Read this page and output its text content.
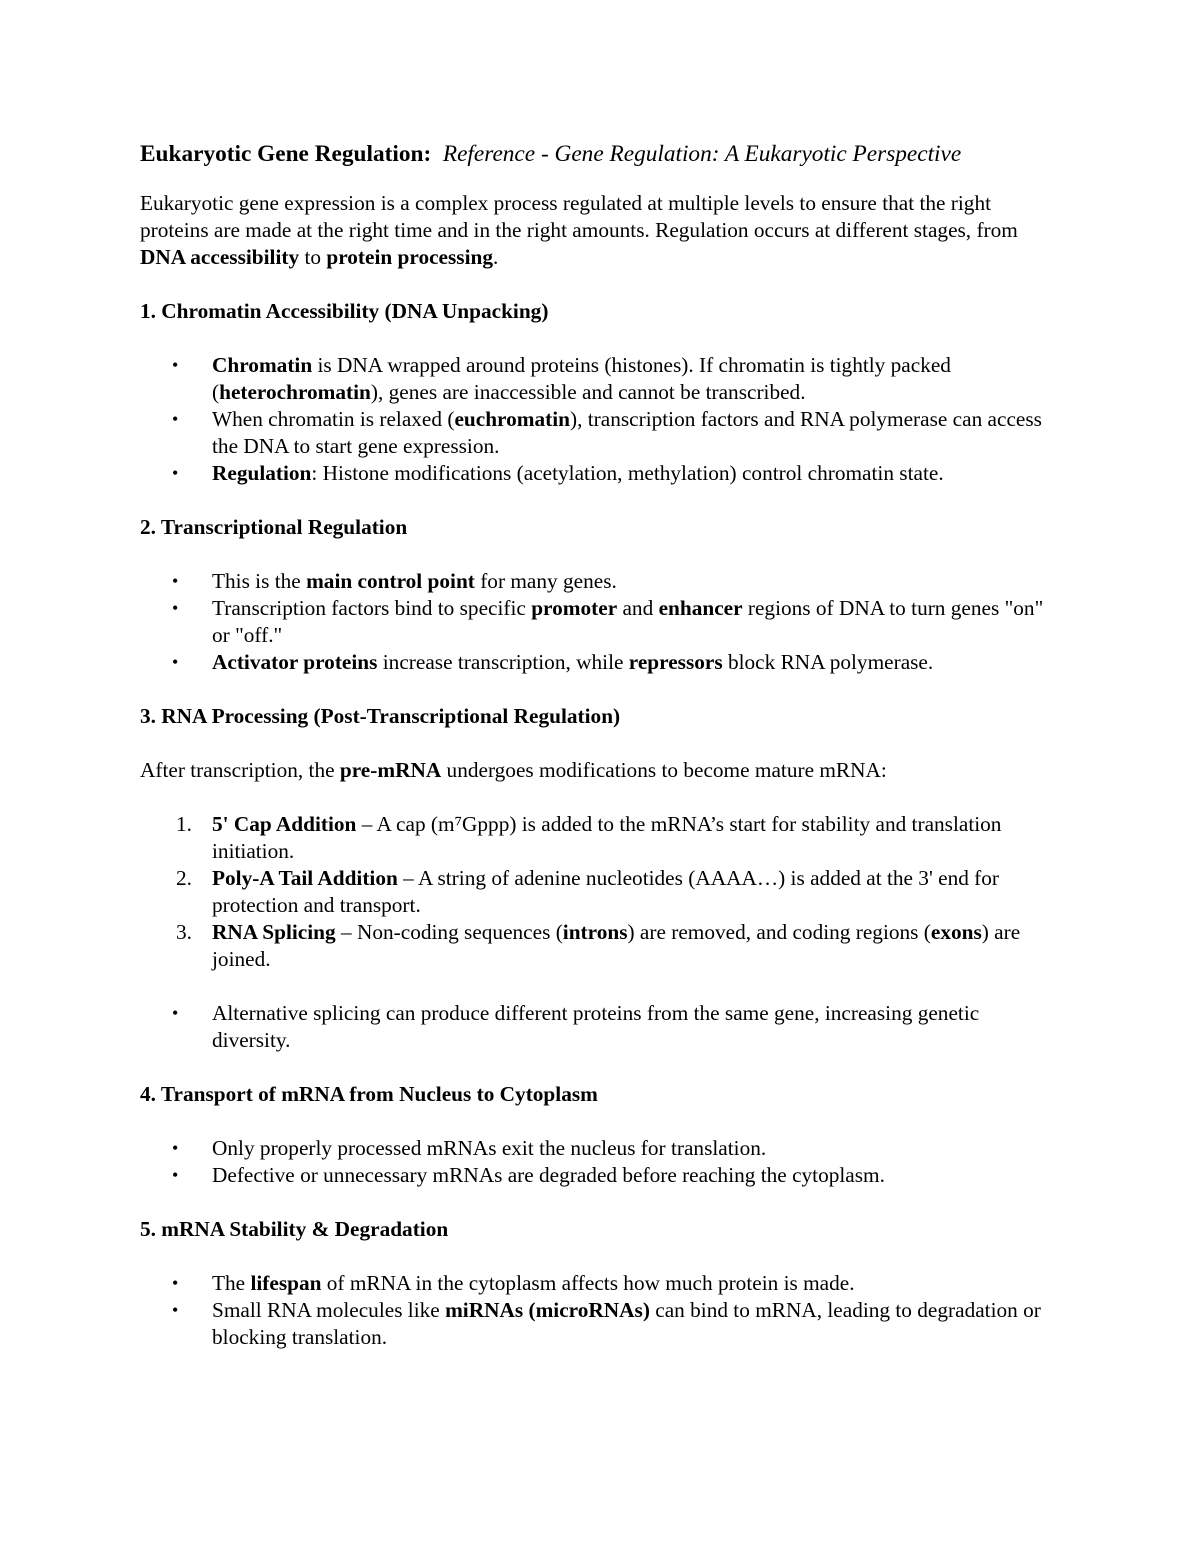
Eukaryotic Gene Regulation: Reference - Gene Regulation: A Eukaryotic Perspective

Eukaryotic gene expression is a complex process regulated at multiple levels to ensure that the right proteins are made at the right time and in the right amounts. Regulation occurs at different stages, from DNA accessibility to protein processing.

1. Chromatin Accessibility (DNA Unpacking)
• Chromatin is DNA wrapped around proteins (histones). If chromatin is tightly packed (heterochromatin), genes are inaccessible and cannot be transcribed.
• When chromatin is relaxed (euchromatin), transcription factors and RNA polymerase can access the DNA to start gene expression.
• Regulation: Histone modifications (acetylation, methylation) control chromatin state.
2. Transcriptional Regulation
• This is the main control point for many genes.
• Transcription factors bind to specific promoter and enhancer regions of DNA to turn genes "on" or "off."
• Activator proteins increase transcription, while repressors block RNA polymerase.
3. RNA Processing (Post-Transcriptional Regulation)

After transcription, the pre-mRNA undergoes modifications to become mature mRNA:

1. 5' Cap Addition – A cap (m⁷Gppp) is added to the mRNA’s start for stability and translation initiation.
2. Poly-A Tail Addition – A string of adenine nucleotides (AAAA…) is added at the 3' end for protection and transport.
3. RNA Splicing – Non-coding sequences (introns) are removed, and coding regions (exons) are joined.
• Alternative splicing can produce different proteins from the same gene, increasing genetic diversity.
4. Transport of mRNA from Nucleus to Cytoplasm
• Only properly processed mRNAs exit the nucleus for translation.
• Defective or unnecessary mRNAs are degraded before reaching the cytoplasm.
5. mRNA Stability & Degradation
• The lifespan of mRNA in the cytoplasm affects how much protein is made.
• Small RNA molecules like miRNAs (microRNAs) can bind to mRNA, leading to degradation or blocking translation.
